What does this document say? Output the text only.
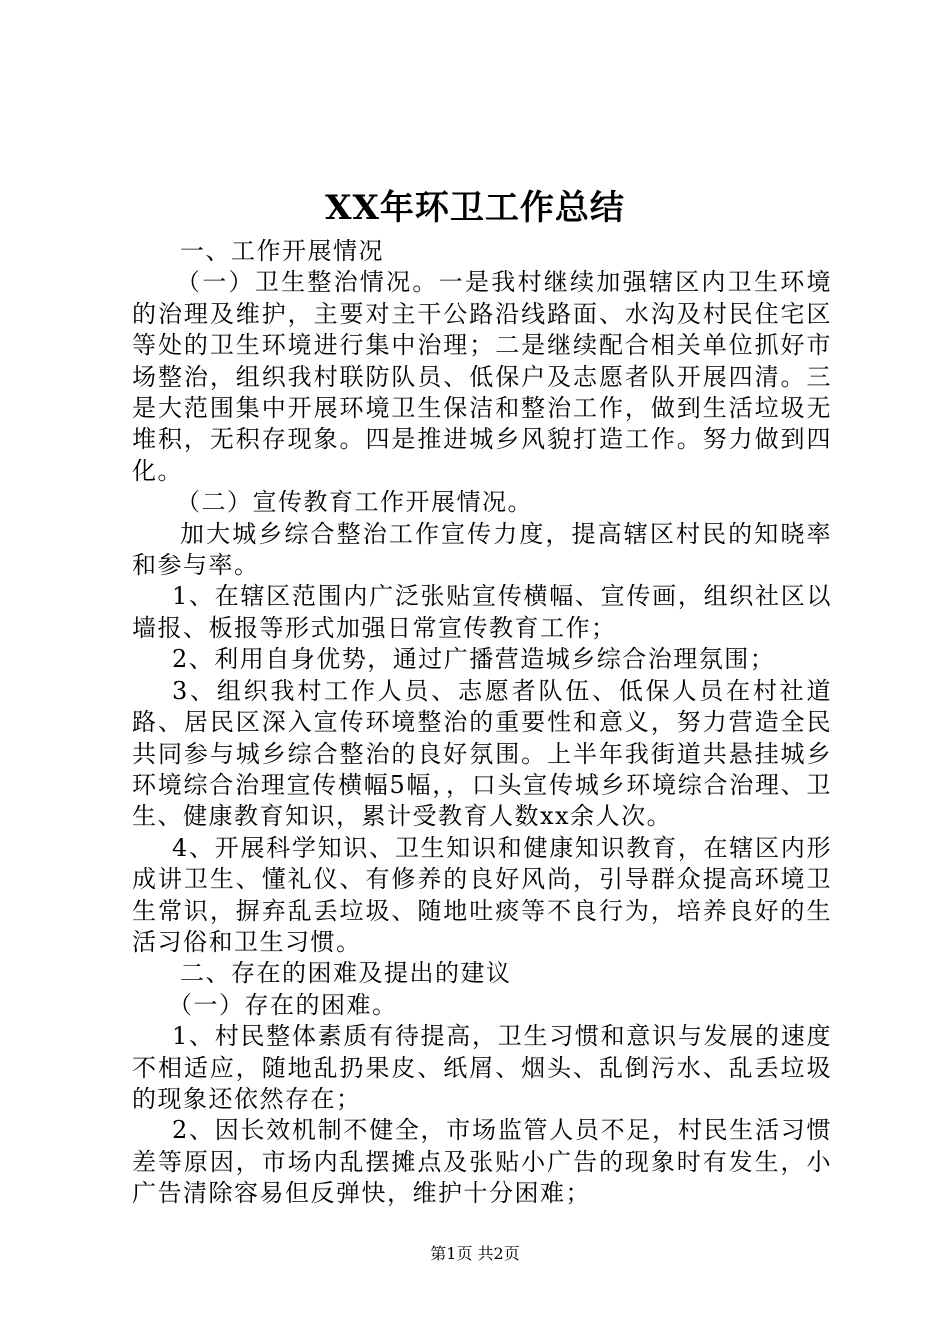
XX年环卫工作总结

一、工作开展情况

（一）卫生整治情况。一是我村继续加强辖区内卫生环境的治理及维护，主要对主干公路沿线路面、水沟及村民住宅区等处的卫生环境进行集中治理；二是继续配合相关单位抓好市场整治，组织我村联防队员、低保户及志愿者队开展四清。三是大范围集中开展环境卫生保洁和整治工作，做到生活垃圾无堆积，无积存现象。四是推进城乡风貌打造工作。努力做到四化。

（二）宣传教育工作开展情况。

加大城乡综合整治工作宣传力度，提高辖区村民的知晓率和参与率。

1、在辖区范围内广泛张贴宣传横幅、宣传画，组织社区以墙报、板报等形式加强日常宣传教育工作；

2、利用自身优势，通过广播营造城乡综合治理氛围；

3、组织我村工作人员、志愿者队伍、低保人员在村社道路、居民区深入宣传环境整治的重要性和意义，努力营造全民共同参与城乡综合整治的良好氛围。上半年我街道共悬挂城乡环境综合治理宣传横幅5幅，，口头宣传城乡环境综合治理、卫生、健康教育知识，累计受教育人数xx余人次。

4、开展科学知识、卫生知识和健康知识教育，在辖区内形成讲卫生、懂礼仪、有修养的良好风尚，引导群众提高环境卫生常识，摒弃乱丢垃圾、随地吐痰等不良行为，培养良好的生活习俗和卫生习惯。

二、存在的困难及提出的建议

（一）存在的困难。

1、村民整体素质有待提高，卫生习惯和意识与发展的速度不相适应，随地乱扔果皮、纸屑、烟头、乱倒污水、乱丢垃圾的现象还依然存在；

2、因长效机制不健全，市场监管人员不足，村民生活习惯差等原因，市场内乱摆摊点及张贴小广告的现象时有发生，小广告清除容易但反弹快，维护十分困难；

第1页 共2页
